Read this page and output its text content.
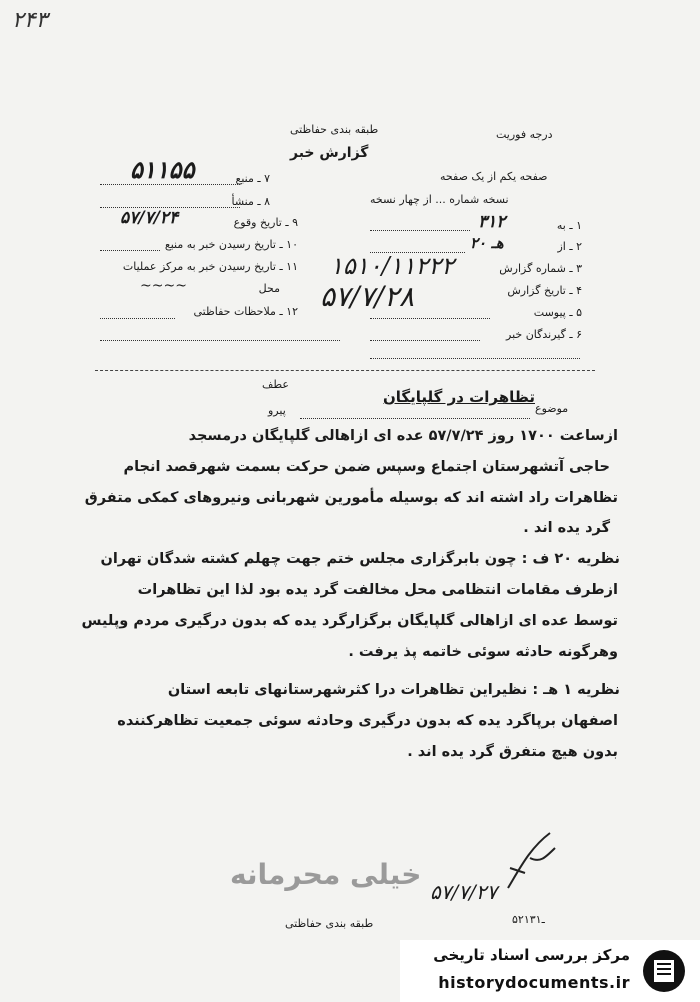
۲۴۳
طبقه بندی حفاظتی
گزارش خبر
درجه فوریت
صفحه یکم از یک صفحه
نسخه شماره ... از چهار نسخه
۷ ـ منبع
۵۱۱۵۵
۸ ـ منشأ
۹ ـ تاریخ وقوع
۵۷/۷/۲۴
۱۰ ـ تاریخ رسیدن خبر به منبع
۱۱ ـ تاریخ رسیدن خبر به مرکز عملیات
محل
~~~~
۱۲ ـ ملاحظات حفاظتی
۱ ـ به
۳۱۲
۲ ـ از
۲۰ هـ
۳ ـ شماره گزارش
۱۵۱۰/۱۱۲۲۲
۴ ـ تاریخ گزارش
۵۷/۷/۲۸	۵ ـ پیوست
۶ ـ گیرندگان خبر
عطف
پیرو	موضوع
تظاهرات در گلپایگان
ازساعت ۱۷۰۰ روز ۵۷/۷/۲۴ عده ای ازاهالی گلپایگان درمسجد
حاجی آتشهرستان اجتماع وسپس ضمن حرکت بسمت شهرقصد انجام
تظاهرات راد اشته اند که بوسیله مأمورین شهربانی ونیروهای کمکی متفرق
گرد یده اند .
نظریه ۲۰ ف : چون بابرگزاری مجلس ختم جهت چهلم کشته شدگان تهران
ازطرف مقامات انتظامی محل مخالفت گرد یده بود لذا این تظاهرات
توسط عده ای ازاهالی گلپایگان برگزارگرد یده که بدون درگیری مردم وپلیس
وهرگونه حادثه سوئی خاتمه پذ یرفت .
نظریه ۱ هـ : نظیراین تظاهرات درا کثرشهرستانهای تابعه استان
اصفهان برپاگرد یده که بدون درگیری وحادثه سوئی جمعیت تظاهرکننده
بدون هیچ متفرق گرد یده اند .
خیلی محرمانه
۵۷/۷/۲۷
۵۲ـ۱۳۱
طبقه بندی حفاظتی
مرکز بررسی اسناد تاریخی
historydocuments.ir
